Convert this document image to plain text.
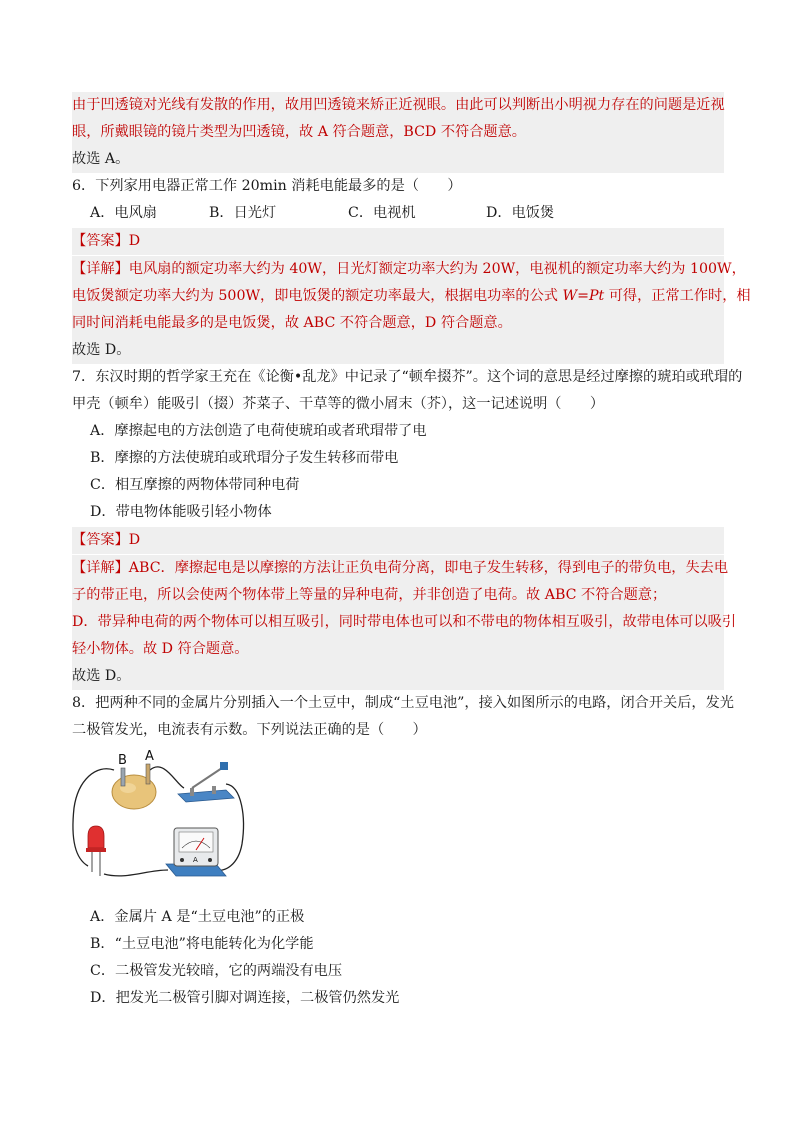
由于凹透镜对光线有发散的作用，故用凹透镜来矫正近视眼。由此可以判断出小明视力存在的问题是近视
眼，所戴眼镜的镜片类型为凹透镜，故 A 符合题意，BCD 不符合题意。
故选 A。
6．下列家用电器正常工作 20min 消耗电能最多的是（　　）
A．电风扇	B．日光灯	C．电视机	D．电饭煲
【答案】D
【详解】电风扇的额定功率大约为 40W，日光灯额定功率大约为 20W，电视机的额定功率大约为 100W，
电饭煲额定功率大约为 500W，即电饭煲的额定功率最大，根据电功率的公式 W=Pt 可得，正常工作时，相
同时间消耗电能最多的是电饭煲，故 ABC 不符合题意，D 符合题意。
故选 D。
7．东汉时期的哲学家王充在《论衡•乱龙》中记录了“顿牟掇芥”。这个词的意思是经过摩擦的琥珀或玳瑁的
甲壳（顿牟）能吸引（掇）芥菜子、干草等的微小屑末（芥），这一记述说明（　　）
A．摩擦起电的方法创造了电荷使琥珀或者玳瑁带了电
B．摩擦的方法使琥珀或玳瑁分子发生转移而带电
C．相互摩擦的两物体带同种电荷
D．带电物体能吸引轻小物体
【答案】D
【详解】ABC．摩擦起电是以摩擦的方法让正负电荷分离，即电子发生转移，得到电子的带负电，失去电
子的带正电，所以会使两个物体带上等量的异种电荷，并非创造了电荷。故 ABC 不符合题意；
D．带异种电荷的两个物体可以相互吸引，同时带电体也可以和不带电的物体相互吸引，故带电体可以吸引
轻小物体。故 D 符合题意。
故选 D。
8．把两种不同的金属片分别插入一个土豆中，制成“土豆电池”，接入如图所示的电路，闭合开关后，发光
二极管发光，电流表有示数。下列说法正确的是（　　）
B A
A
A．金属片 A 是“土豆电池”的正极
B．“土豆电池”将电能转化为化学能
C．二极管发光较暗，它的两端没有电压
D．把发光二极管引脚对调连接，二极管仍然发光
